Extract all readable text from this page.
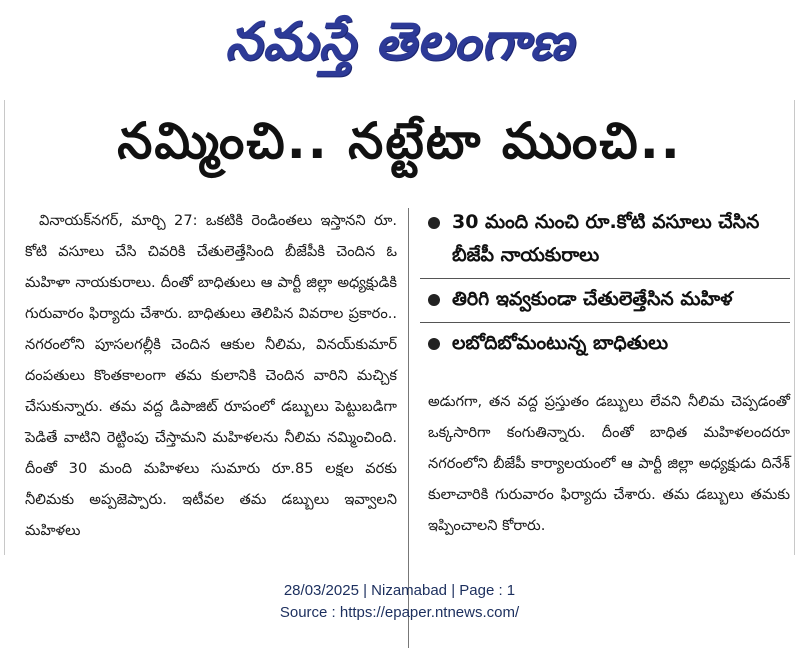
నమస్తే తెలంగాణ
నమ్మించి.. నట్టేటా ముంచి..

వినాయక్‌నగర్, మార్చి 27: ఒకటికి రెండింతలు ఇస్తానని రూ. కోటి వసూలు చేసి చివరికి చేతులెత్తేసింది బీజేపీకి చెందిన ఓ మహిళా నాయకురాలు. దీంతో బాధితులు ఆ పార్టీ జిల్లా అధ్యక్షుడికి గురువారం ఫిర్యాదు చేశారు. బాధితులు తెలిపిన వివరాల ప్రకారం.. నగరంలోని పూసలగల్లీకి చెందిన ఆకుల నీలిమ, వినయ్‌కుమార్ దంపతులు కొంతకాలంగా తమ కులానికి చెందిన వారిని మచ్చిక చేసుకున్నారు. తమ వద్ద డిపాజిట్ రూపంలో డబ్బులు పెట్టుబడిగా పెడితే వాటిని రెట్టింపు చేస్తామని మహిళలను నీలిమ నమ్మించింది. దీంతో 30 మంది మహిళలు సుమారు రూ.85 లక్షల వరకు నీలిమకు అప్పజెప్పారు. ఇటీవల తమ డబ్బులు ఇవ్వాలని మహిళలు

30 మంది నుంచి రూ.కోటి వసూలు చేసిన బీజేపీ నాయకురాలు
తిరిగి ఇవ్వకుండా చేతులెత్తేసిన మహిళ
లబోదిబోమంటున్న బాధితులు

అడుగగా, తన వద్ద ప్రస్తుతం డబ్బులు లేవని నీలిమ చెప్పడంతో ఒక్కసారిగా కంగుతిన్నారు. దీంతో బాధిత మహిళలందరూ నగరంలోని బీజేపీ కార్యాలయంలో ఆ పార్టీ జిల్లా అధ్యక్షుడు దినేశ్ కులాచారికి గురువారం ఫిర్యాదు చేశారు. తమ డబ్బులు తమకు ఇప్పించాలని కోరారు.

28/03/2025 | Nizamabad | Page : 1
Source : https://epaper.ntnews.com/
